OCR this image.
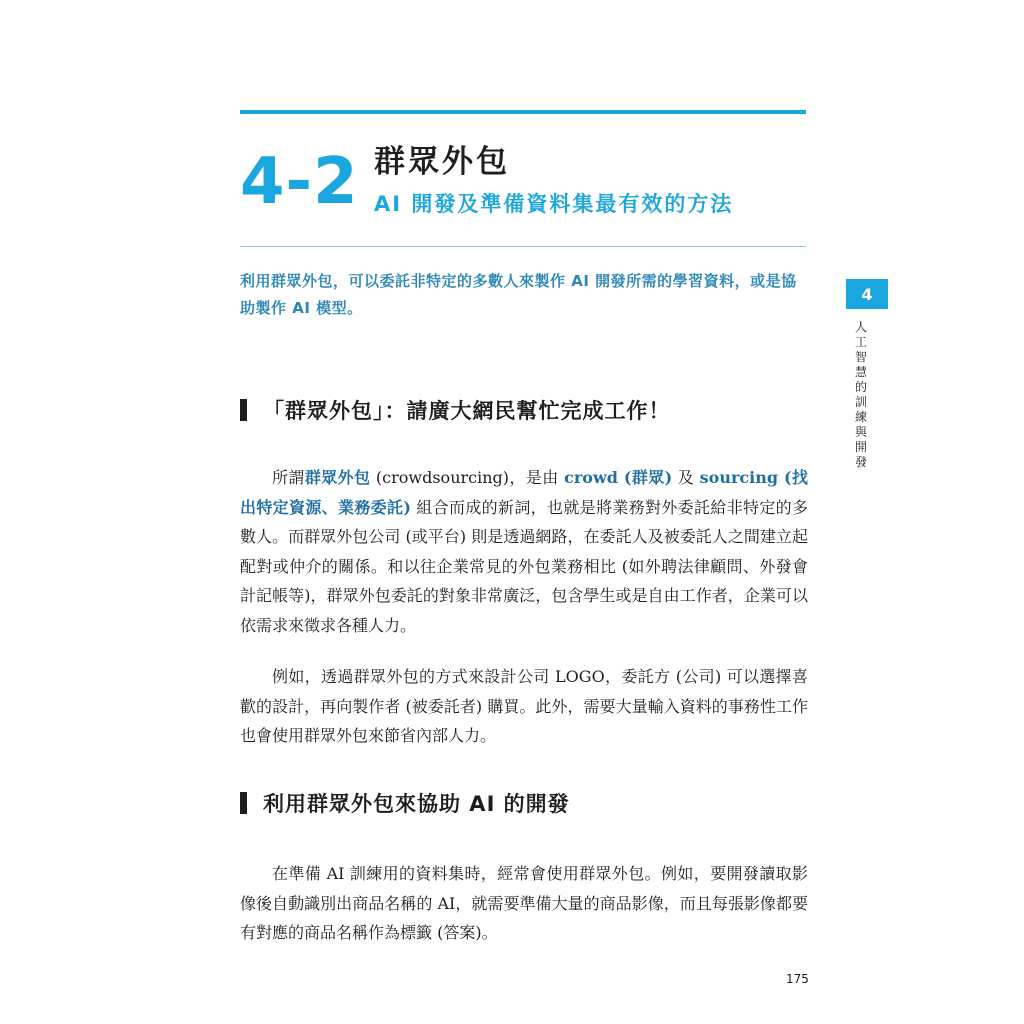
4-2 群眾外包
AI 開發及準備資料集最有效的方法
利用群眾外包，可以委託非特定的多數人來製作 AI 開發所需的學習資料，或是協助製作 AI 模型。
4
人工智慧的訓練與開發
「群眾外包」：請廣大網民幫忙完成工作！

所謂群眾外包 (crowdsourcing)，是由 crowd (群眾) 及 sourcing (找出特定資源、業務委託) 組合而成的新詞，也就是將業務對外委託給非特定的多數人。而群眾外包公司 (或平台) 則是透過網路，在委託人及被委託人之間建立起配對或仲介的關係。和以往企業常見的外包業務相比 (如外聘法律顧問、外發會計記帳等)，群眾外包委託的對象非常廣泛，包含學生或是自由工作者，企業可以依需求來徵求各種人力。

例如，透過群眾外包的方式來設計公司 LOGO，委託方 (公司) 可以選擇喜歡的設計，再向製作者 (被委託者) 購買。此外，需要大量輸入資料的事務性工作也會使用群眾外包來節省內部人力。

利用群眾外包來協助 AI 的開發

在準備 AI 訓練用的資料集時，經常會使用群眾外包。例如，要開發讀取影像後自動識別出商品名稱的 AI，就需要準備大量的商品影像，而且每張影像都要有對應的商品名稱作為標籤 (答案)。

175
